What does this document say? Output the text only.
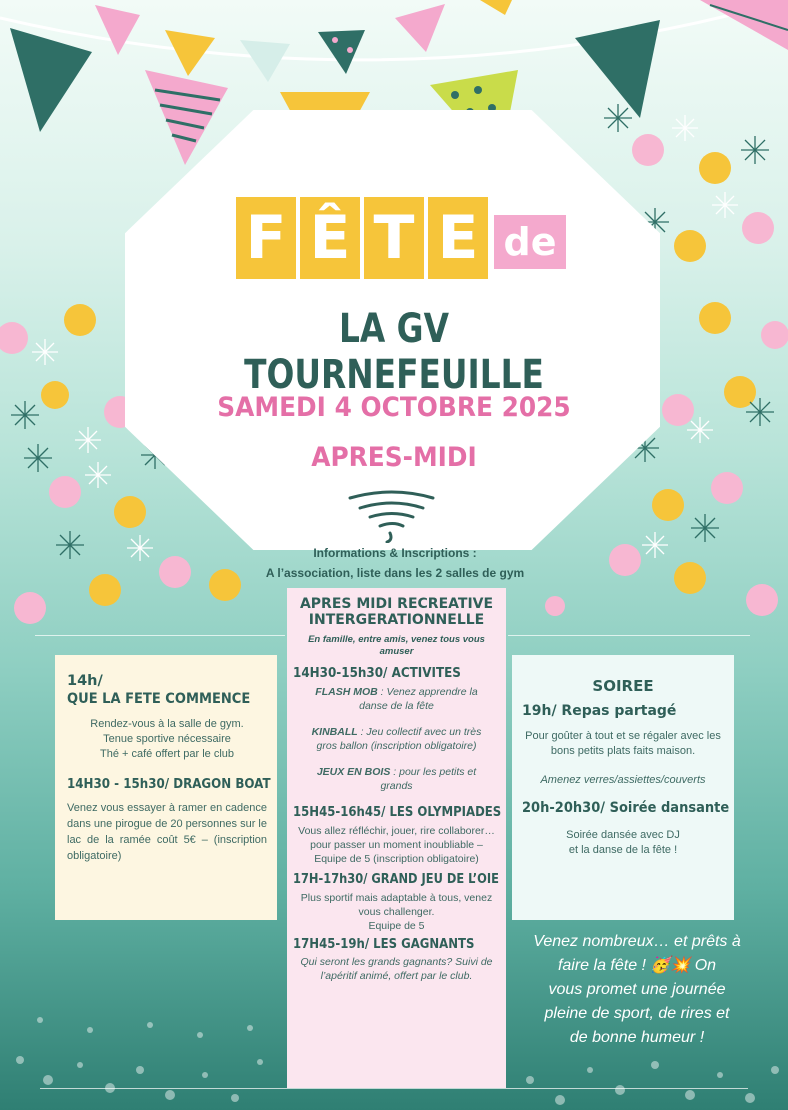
F Ê T E de
LA GV TOURNEFEUILLE
SAMEDI 4 OCTOBRE 2025
APRES-MIDI
Informations & Inscriptions :
A l’association, liste dans les 2 salles de gym
14h/
QUE LA FETE COMMENCE
Rendez-vous à la salle de gym.
Tenue sportive nécessaire
Thé + café offert par le club
14H30 - 15h30/ DRAGON BOAT
Venez vous essayer à ramer en cadence dans une pirogue de 20 personnes sur le lac de la ramée coût 5€ – (inscription obligatoire)
APRES MIDI RECREATIVE
INTERGERATIONNELLE
En famille, entre amis, venez tous vous amuser
14H30-15h30/ ACTIVITES
FLASH MOB : Venez apprendre la danse de la fête
KINBALL : Jeu collectif avec un très gros ballon (inscription obligatoire)
JEUX EN BOIS : pour les petits et grands
15H45-16h45/ LES OLYMPIADES
Vous allez réfléchir, jouer, rire collaborer… pour passer un moment inoubliable – Equipe de 5 (inscription obligatoire)
17H-17h30/ GRAND JEU DE L’OIE
Plus sportif mais adaptable à tous, venez vous challenger.
Equipe de 5
17H45-19h/ LES GAGNANTS
Qui seront les grands gagnants? Suivi de l’apéritif animé, offert par le club.
SOIREE
19h/ Repas partagé
Pour goûter à tout et se régaler avec les bons petits plats faits maison.
Amenez verres/assiettes/couverts
20h-20h30/ Soirée dansante
Soirée dansée avec DJ
et la danse de la fête !
Venez nombreux… et prêts à
faire la fête ! 🥳💥 On
vous promet une journée
pleine de sport, de rires et
de bonne humeur !
